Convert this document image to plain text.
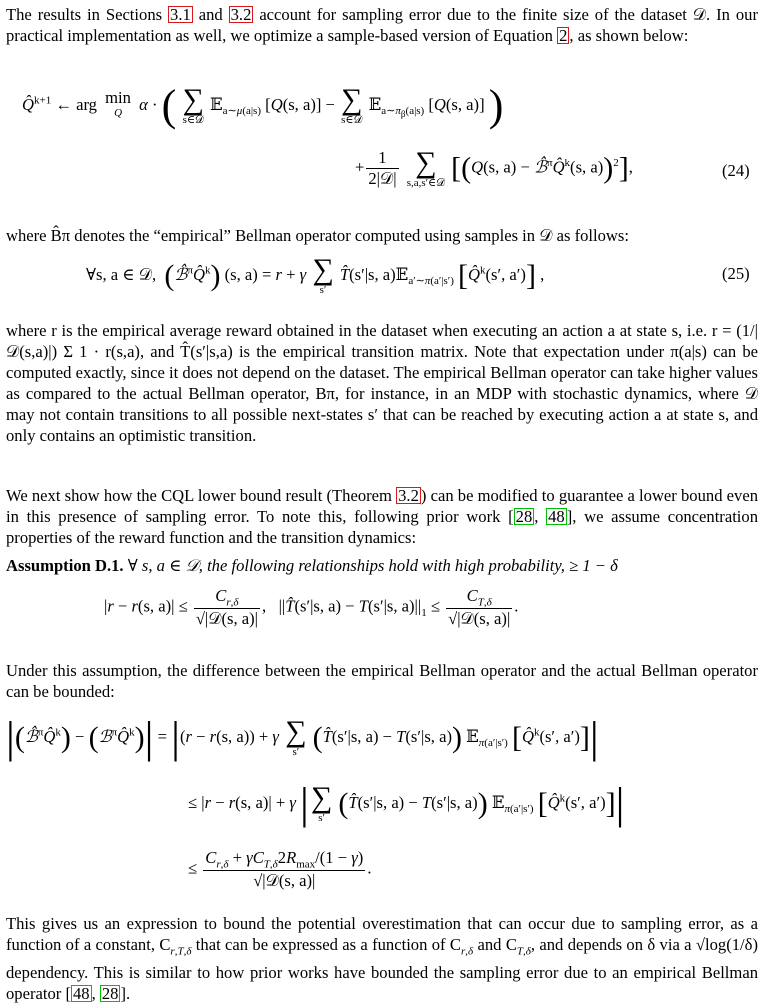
The results in Sections 3.1 and 3.2 account for sampling error due to the finite size of the dataset 𝒟. In our practical implementation as well, we optimize a sample-based version of Equation 2 , as shown below:
Q̂$^{k+1}$ ← arg min
Q	α · ( ∑
s∈𝒟
𝔼$_{a\sim\mu(a|s)}$ [Q(s, a)] − ∑
s∈𝒟
𝔼$_{a\sim\pi_\beta(a|s)}$ [Q(s, a)] )
+ $\frac{1}{\text{2|𝒟|}}$
∑
s,a,s′∈𝒟 [(Q(s, a) − ℬ̂$^\pi$Q̂$^k$(s, a))$^2$],	(24)
where B̂π denotes the “empirical” Bellman operator computed using samples in 𝒟 as follows:
∀s, a ∈ 𝒟,  (ℬ̂$^\pi$Q̂$^k$) (s, a) = r + γ ∑
s′
T̂(s′|s, a)𝔼$_{a'\sim\pi(a'|s')}$ [Q̂$^k$(s′, a′)] ,	(25)
where r is the empirical average reward obtained in the dataset when executing an action a at state s, i.e. r = (1/|𝒟(s,a)|) Σ 1 · r(s,a), and T̂(s′|s,a) is the empirical transition matrix. Note that expectation under π(a|s) can be computed exactly, since it does not depend on the dataset. The empirical Bellman operator can take higher values as compared to the actual Bellman operator, Bπ, for instance, in an MDP with stochastic dynamics, where 𝒟 may not contain transitions to all possible next-states s′ that can be reached by executing action a at state s, and only contains an optimistic transition.
We next show how the CQL lower bound result (Theorem 3.2 ) can be modified to guarantee a lower bound even in this presence of sampling error. To note this, following prior work [ 28 , 48 ], we assume concentration properties of the reward function and the transition dynamics:
Assumption D.1. ∀ s, a ∈ 𝒟, the following relationships hold with high probability, ≥ 1 − δ
|r − r(s, $a)| \le \frac{C_{r,\delta}}{\text{√|𝒟(s, a)|}}$ ,   ||T̂(s′|s, a) − T(s′|s, $a)||_1 \le \frac{C_{T,\delta}}{\text{√|𝒟(s, a)|}}$ .
Under this assumption, the difference between the empirical Bellman operator and the actual Bellman operator can be bounded:
|(ℬ̂$^\pi$Q̂$^k$) − (ℬ$^\pi$Q̂$^k$)| = |(r − r(s, a)) + γ ∑
s′ (T̂(s′|s, a) − T(s′|s, a)) 𝔼$_{\pi(a'|s')}$ [Q̂$^k$(s′, a′)]|
≤ |r − r(s, a)| + γ | ∑
s′ (T̂(s′|s, a) − T(s′|s, a)) 𝔼$_{\pi(a'|s')}$ [Q̂$^k$(s′, a′)]|
≤ $\frac{C_{r,\delta} + \gamma C_{T,\delta}2R_{max}/(1 - \gamma)}{\text{√|𝒟(s, a)|}}$ .
This gives us an expression to bound the potential overestimation that can occur due to sampling error, as a function of a constant, $C_{r,T,\delta}$ that can be expressed as a function of $C_{r,\delta}$ and $C_{T,\delta}$, and depends on δ via a √log(1/δ) dependency. This is similar to how prior works have bounded the sampling error due to an empirical Bellman operator [ 48 , 28 ].
